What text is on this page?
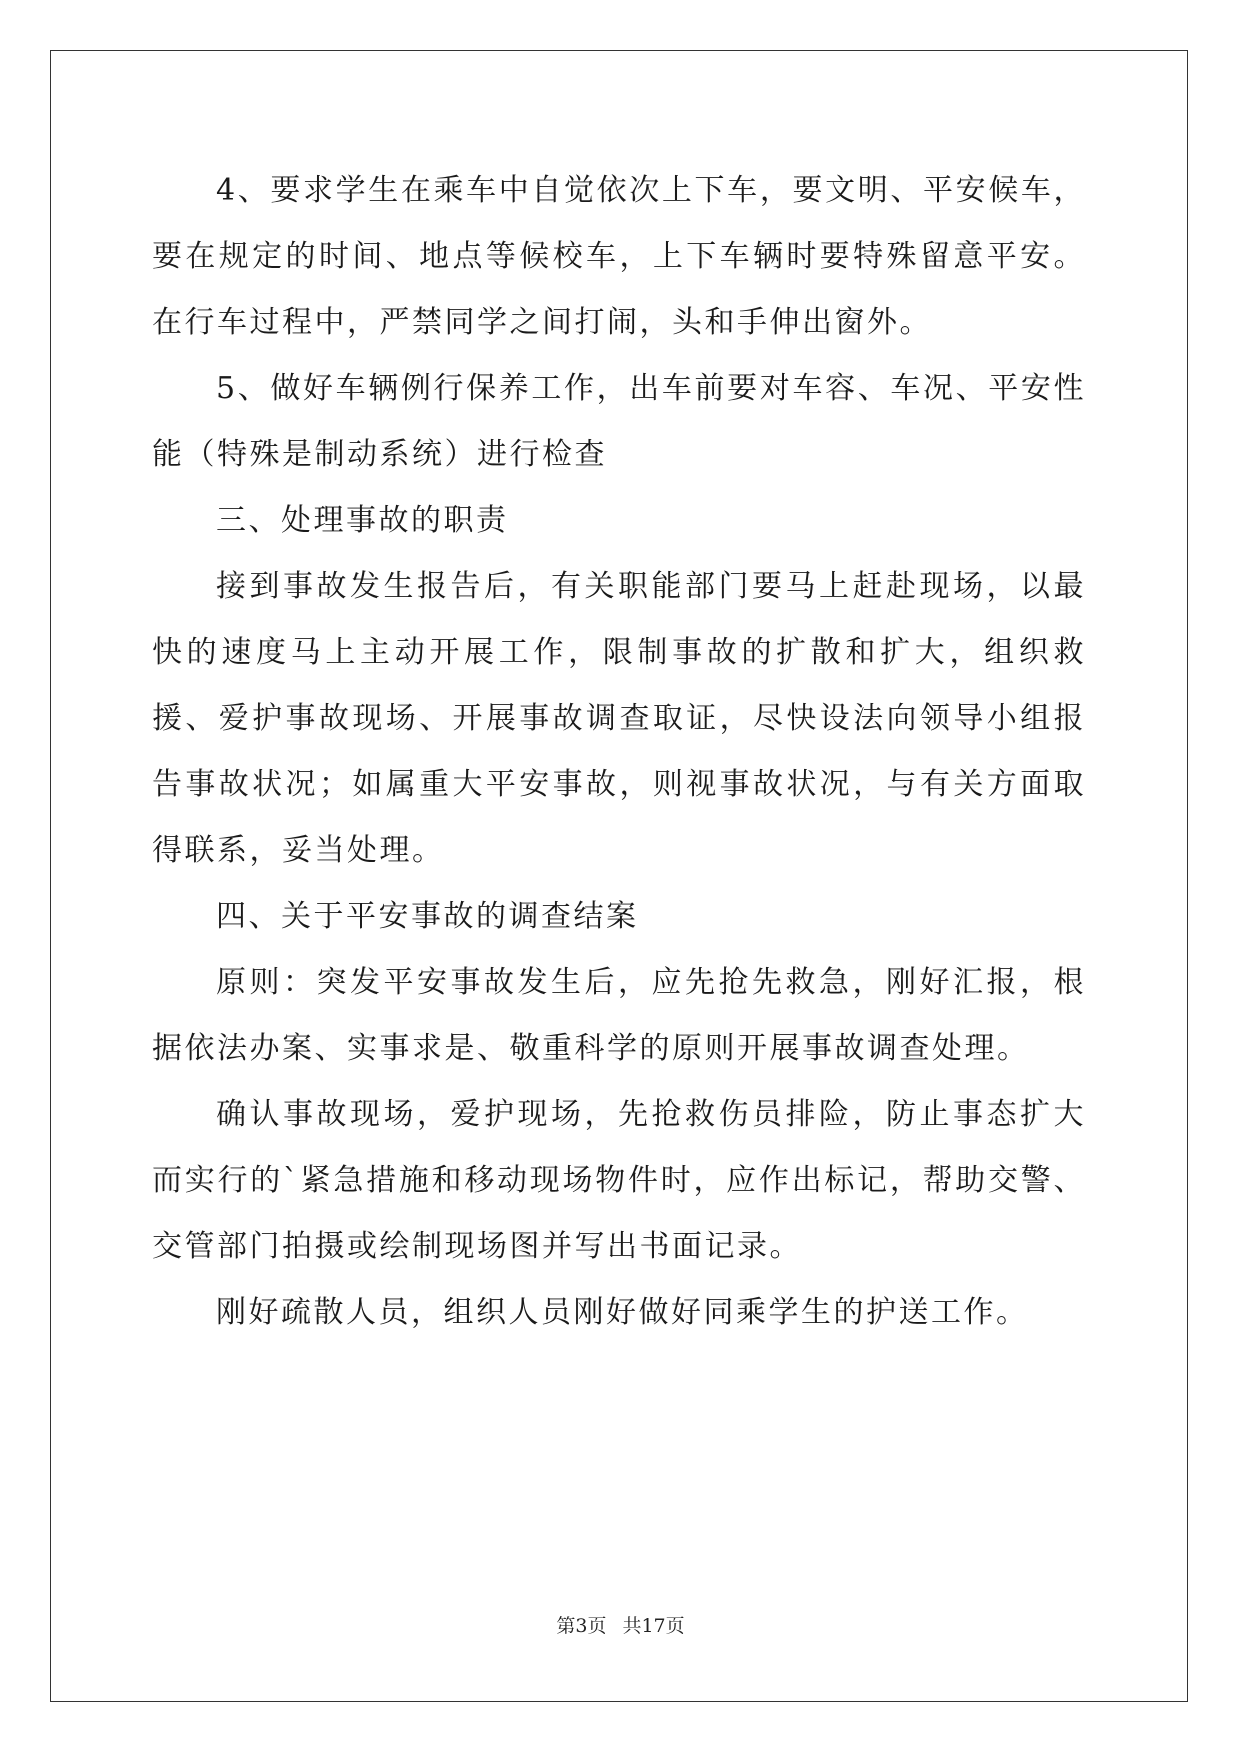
4、要求学生在乘车中自觉依次上下车，要文明、平安候车，要在规定的时间、地点等候校车，上下车辆时要特殊留意平安。在行车过程中，严禁同学之间打闹，头和手伸出窗外。

5、做好车辆例行保养工作，出车前要对车容、车况、平安性能（特殊是制动系统）进行检查

三、处理事故的职责

接到事故发生报告后，有关职能部门要马上赶赴现场，以最快的速度马上主动开展工作，限制事故的扩散和扩大，组织救援、爱护事故现场、开展事故调查取证，尽快设法向领导小组报告事故状况；如属重大平安事故，则视事故状况，与有关方面取得联系，妥当处理。

四、关于平安事故的调查结案

原则：突发平安事故发生后，应先抢先救急，刚好汇报，根据依法办案、实事求是、敬重科学的原则开展事故调查处理。

确认事故现场，爱护现场，先抢救伤员排险，防止事态扩大而实行的`紧急措施和移动现场物件时，应作出标记，帮助交警、交管部门拍摄或绘制现场图并写出书面记录。

刚好疏散人员，组织人员刚好做好同乘学生的护送工作。

第3页 共17页
